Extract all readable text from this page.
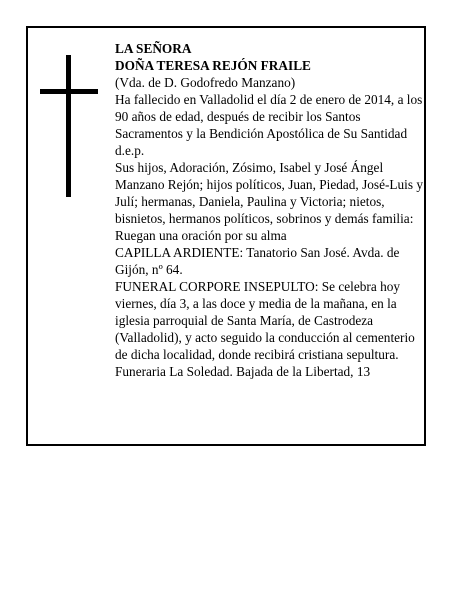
LA SEÑORA

DOÑA TERESA REJÓN FRAILE

(Vda. de D. Godofredo Manzano)

Ha fallecido en Valladolid el día 2 de enero de 2014, a los 90 años de edad, después de recibir los Santos Sacramentos y la Bendición Apostólica de Su Santidad

d.e.p.

Sus hijos, Adoración, Zósimo, Isabel y José Ángel Manzano Rejón; hijos políticos, Juan, Piedad, José-Luis y Julí; hermanas, Daniela, Paulina y Victoria; nietos, bisnietos, hermanos políticos, sobrinos y demás familia:

Ruegan una oración por su alma

CAPILLA ARDIENTE: Tanatorio San José. Avda. de Gijón, nº 64.

FUNERAL CORPORE INSEPULTO: Se celebra hoy viernes, día 3, a las doce y media de la mañana, en la iglesia parroquial de Santa María, de Castrodeza (Valladolid), y acto seguido la conducción al cementerio de dicha localidad, donde recibirá cristiana sepultura.

Funeraria La Soledad. Bajada de la Libertad, 13
